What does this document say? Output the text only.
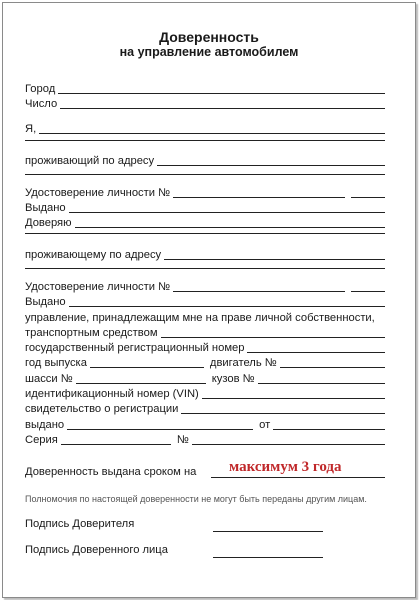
Доверенность
на управление автомобилем
Город
Число
Я,
проживающий по адресу
Удостоверение личности №
Выдано
Доверяю
проживающему по адресу
Удостоверение личности №
Выдано
управление, принадлежащим мне на праве личной собственности,
транспортным средством
государственный регистрационный номер
год выпуска	двигатель №
шасси №	кузов №
идентификационный номер (VIN)
свидетельство о регистрации
выдано	от
Серия	№
Доверенность выдана сроком на максимум 3 года
Полномочия по настоящей доверенности не могут быть переданы другим лицам.
Подпись Доверителя
Подпись Доверенного лица
